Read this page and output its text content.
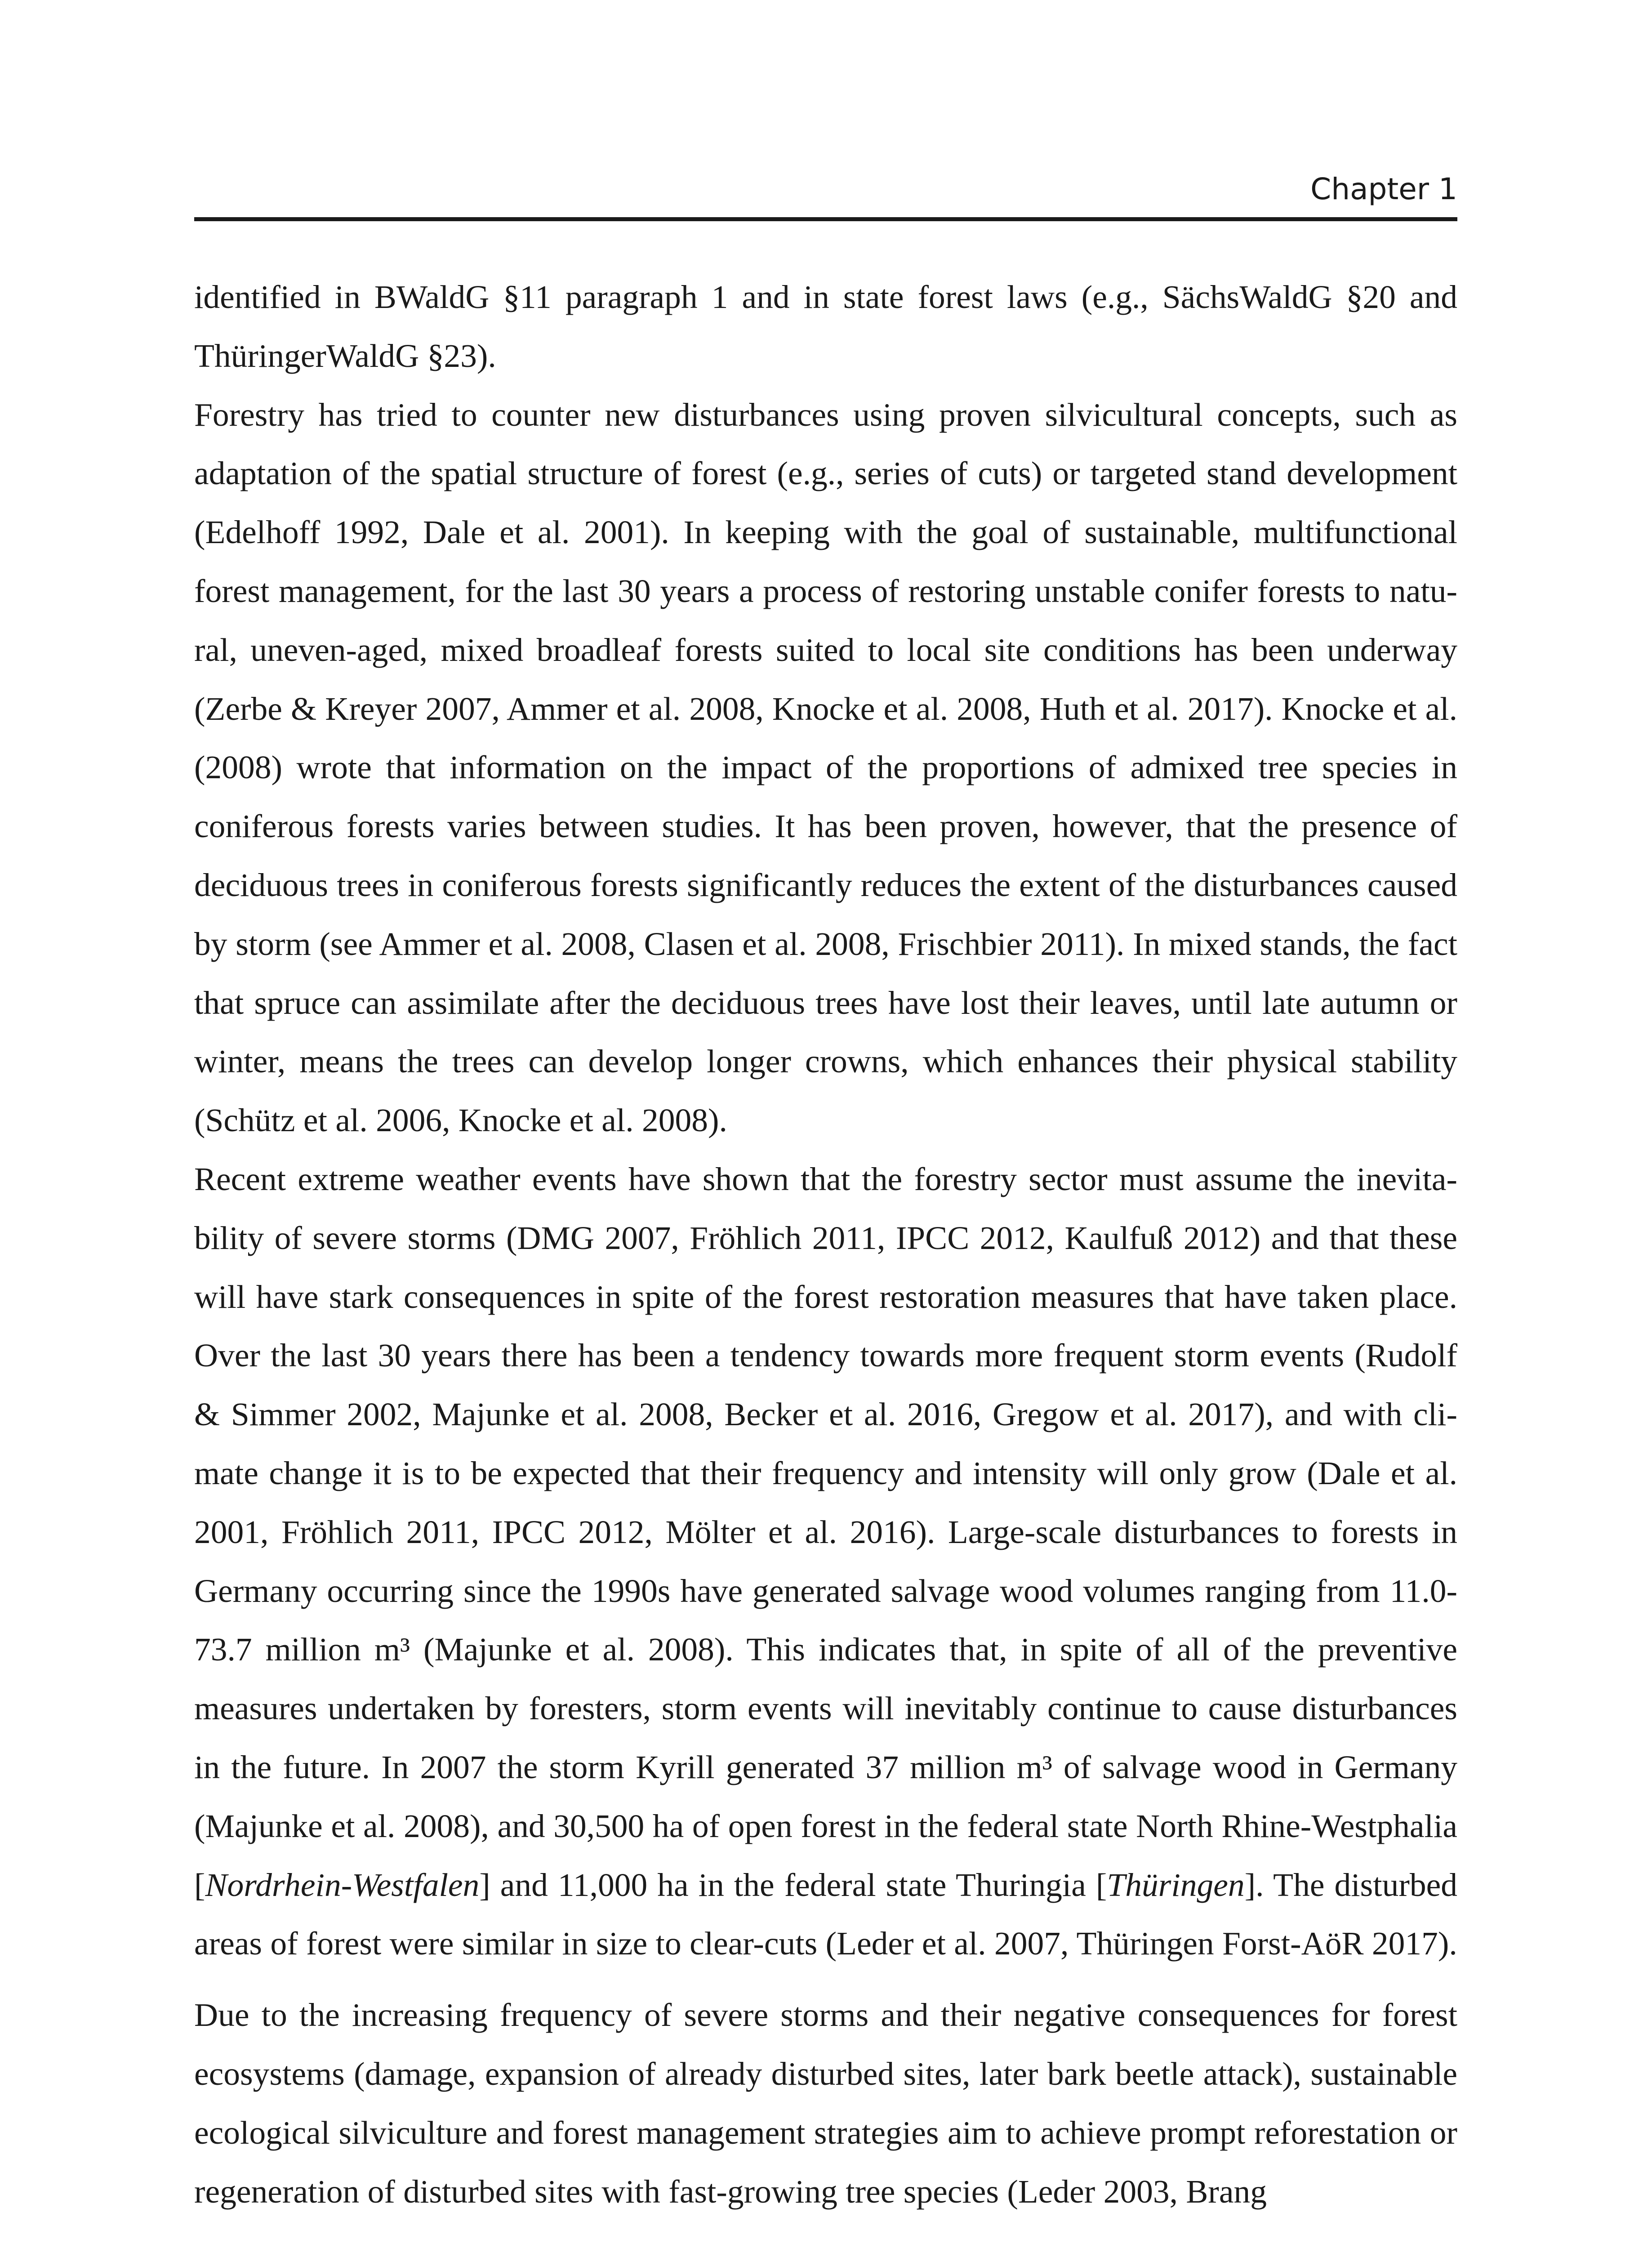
Chapter 1

identified in BWaldG §11 paragraph 1 and in state forest laws (e.g., SächsWaldG §20 and ThüringerWaldG §23).

Forestry has tried to counter new disturbances using proven silvicultural concepts, such as adaptation of the spatial structure of forest (e.g., series of cuts) or targeted stand development (Edelhoff 1992, Dale et al. 2001). In keeping with the goal of sustainable, multifunctional forest management, for the last 30 years a process of restoring unstable conifer forests to natural, uneven-aged, mixed broadleaf forests suited to local site conditions has been underway (Zerbe & Kreyer 2007, Ammer et al. 2008, Knocke et al. 2008, Huth et al. 2017). Knocke et al. (2008) wrote that information on the impact of the proportions of admixed tree species in coniferous forests varies between studies. It has been proven, however, that the presence of deciduous trees in coniferous forests significantly reduces the extent of the disturbances caused by storm (see Ammer et al. 2008, Clasen et al. 2008, Frischbier 2011). In mixed stands, the fact that spruce can assimilate after the deciduous trees have lost their leaves, until late autumn or winter, means the trees can develop longer crowns, which enhances their physical stability (Schütz et al. 2006, Knocke et al. 2008).

Recent extreme weather events have shown that the forestry sector must assume the inevitability of severe storms (DMG 2007, Fröhlich 2011, IPCC 2012, Kaulfuß 2012) and that these will have stark consequences in spite of the forest restoration measures that have taken place. Over the last 30 years there has been a tendency towards more frequent storm events (Rudolf & Simmer 2002, Majunke et al. 2008, Becker et al. 2016, Gregow et al. 2017), and with climate change it is to be expected that their frequency and intensity will only grow (Dale et al. 2001, Fröhlich 2011, IPCC 2012, Mölter et al. 2016). Large-scale disturbances to forests in Germany occurring since the 1990s have generated salvage wood volumes ranging from 11.0-73.7 million m³ (Majunke et al. 2008). This indicates that, in spite of all of the preventive measures undertaken by foresters, storm events will inevitably continue to cause disturbances in the future. In 2007 the storm Kyrill generated 37 million m³ of salvage wood in Germany (Majunke et al. 2008), and 30,500 ha of open forest in the federal state North Rhine-Westphalia [Nordrhein-Westfalen] and 11,000 ha in the federal state Thuringia [Thüringen]. The disturbed areas of forest were similar in size to clear-cuts (Leder et al. 2007, Thüringen Forst-AöR 2017).

Due to the increasing frequency of severe storms and their negative consequences for forest ecosystems (damage, expansion of already disturbed sites, later bark beetle attack), sustainable ecological silviculture and forest management strategies aim to achieve prompt reforestation or regeneration of disturbed sites with fast-growing tree species (Leder 2003, Brang
